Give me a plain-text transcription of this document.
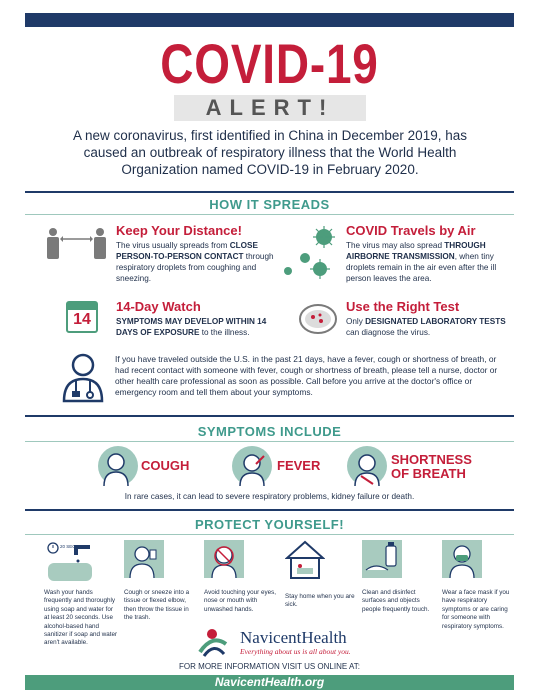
COVID-19
ALERT!
A new coronavirus, first identified in China in December 2019, has caused an outbreak of respiratory illness that the World Health Organization named COVID-19 in February 2020.
HOW IT SPREADS
Keep Your Distance!
The virus usually spreads from CLOSE PERSON-TO-PERSON CONTACT through respiratory droplets from coughing and sneezing.
COVID Travels by Air
The virus may also spread THROUGH AIRBORNE TRANSMISSION, when tiny droplets remain in the air even after the ill person leaves the area.
14
14-Day Watch
SYMPTOMS MAY DEVELOP WITHIN 14 DAYS OF EXPOSURE to the illness.
Use the Right Test
Only DESIGNATED LABORATORY TESTS can diagnose the virus.
If you have traveled outside the U.S. in the past 21 days, have a fever, cough or shortness of breath, or had recent contact with someone with fever, cough or shortness of breath, please tell a nurse, doctor or other health care professional as soon as possible. Call before you arrive at the doctor's office or emergency room and tell them about your symptoms.
SYMPTOMS INCLUDE
COUGH	FEVER	SHORTNESS
OF BREATH
In rare cases, it can lead to severe respiratory problems, kidney failure or death.
PROTECT YOURSELF!
20 SEC
Wash your hands frequently and thoroughly using soap and water for at least 20 seconds. Use alcohol-based hand sanitizer if soap and water aren't available.
Cough or sneeze into a tissue or flexed elbow, then throw the tissue in the trash.
Avoid touching your eyes, nose or mouth with unwashed hands.
Stay home when you are sick.
Clean and disinfect surfaces and objects people frequently touch.
Wear a face mask if you have respiratory symptoms or are caring for someone with respiratory symptoms.
NavicentHealth
Everything about us is all about you.
FOR MORE INFORMATION VISIT US ONLINE AT:
NavicentHealth.org
